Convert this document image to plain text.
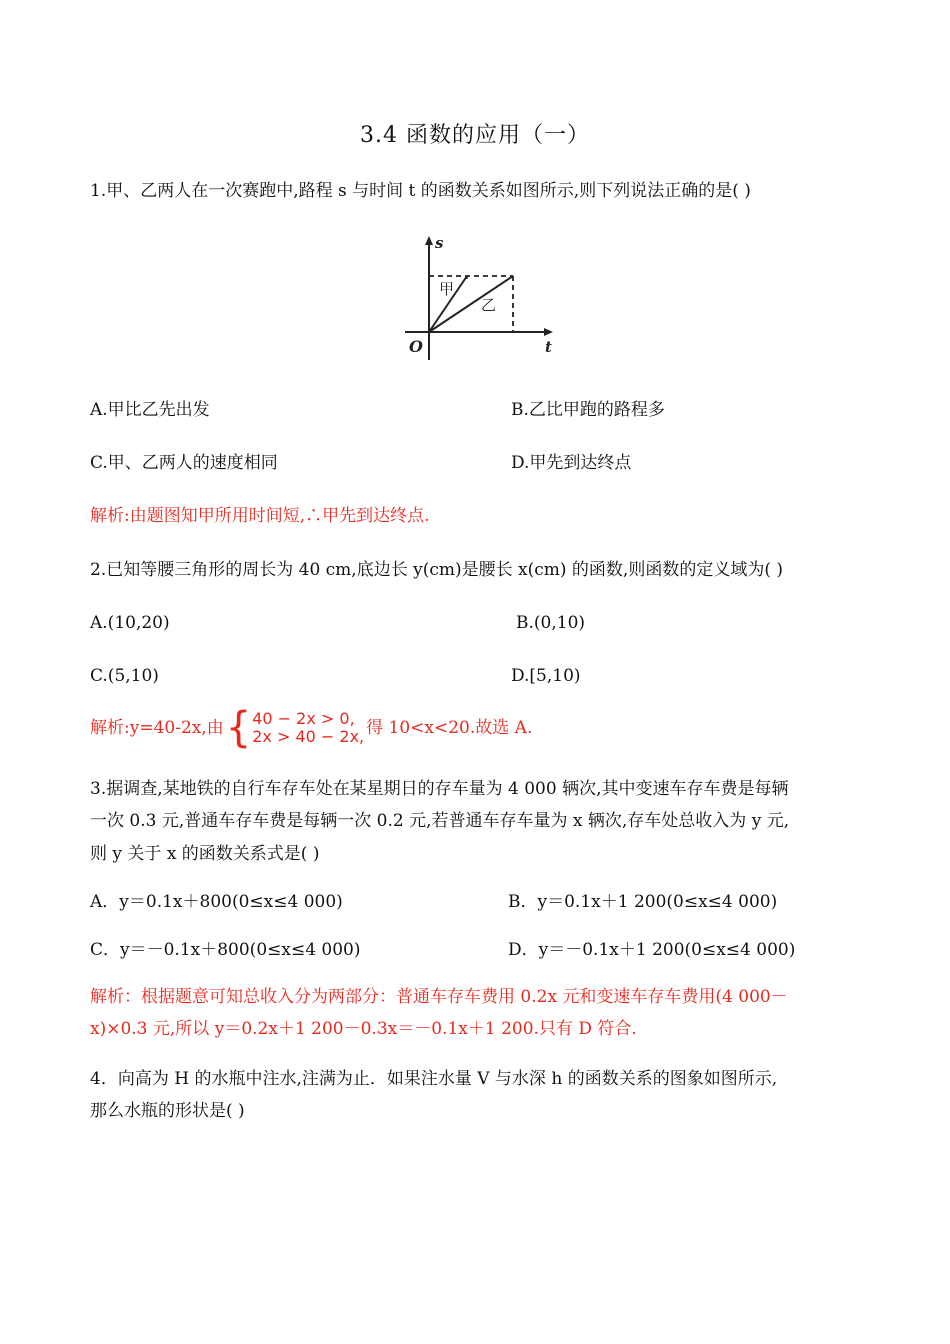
3.4 函数的应用（一）
1.甲、乙两人在一次赛跑中,路程 s 与时间 t 的函数关系如图所示,则下列说法正确的是( )
s
t
O
甲
乙
A.甲比乙先出发	B.乙比甲跑的路程多
C.甲、乙两人的速度相同	D.甲先到达终点
解析:由题图知甲所用时间短,∴甲先到达终点.
2.已知等腰三角形的周长为 40 cm,底边长 y(cm)是腰长 x(cm) 的函数,则函数的定义域为( )
A.(10,20)	B.(0,10)
C.(5,10)	D.[5,10)
解析:y=40-2x,由 { 40 − 2x > 0,
2x > 40 − 2x, 得 10<x<20.故选 A.
3.据调查,某地铁的自行车存车处在某星期日的存车量为 4 000 辆次,其中变速车存车费是每辆
一次 0.3 元,普通车存车费是每辆一次 0.2 元,若普通车存车量为 x 辆次,存车处总收入为 y 元,
则 y 关于 x 的函数关系式是( )
A．y＝0.1x＋800(0≤x≤4 000)	B．y＝0.1x＋1 200(0≤x≤4 000)
C．y＝－0.1x＋800(0≤x≤4 000)	D．y＝－0.1x＋1 200(0≤x≤4 000)
解析：根据题意可知总收入分为两部分：普通车存车费用 0.2x 元和变速车存车费用(4 000－
x)×0.3 元,所以 y＝0.2x＋1 200－0.3x＝－0.1x＋1 200.只有 D 符合.
4．向高为 H 的水瓶中注水,注满为止．如果注水量 V 与水深 h 的函数关系的图象如图所示,
那么水瓶的形状是( )
